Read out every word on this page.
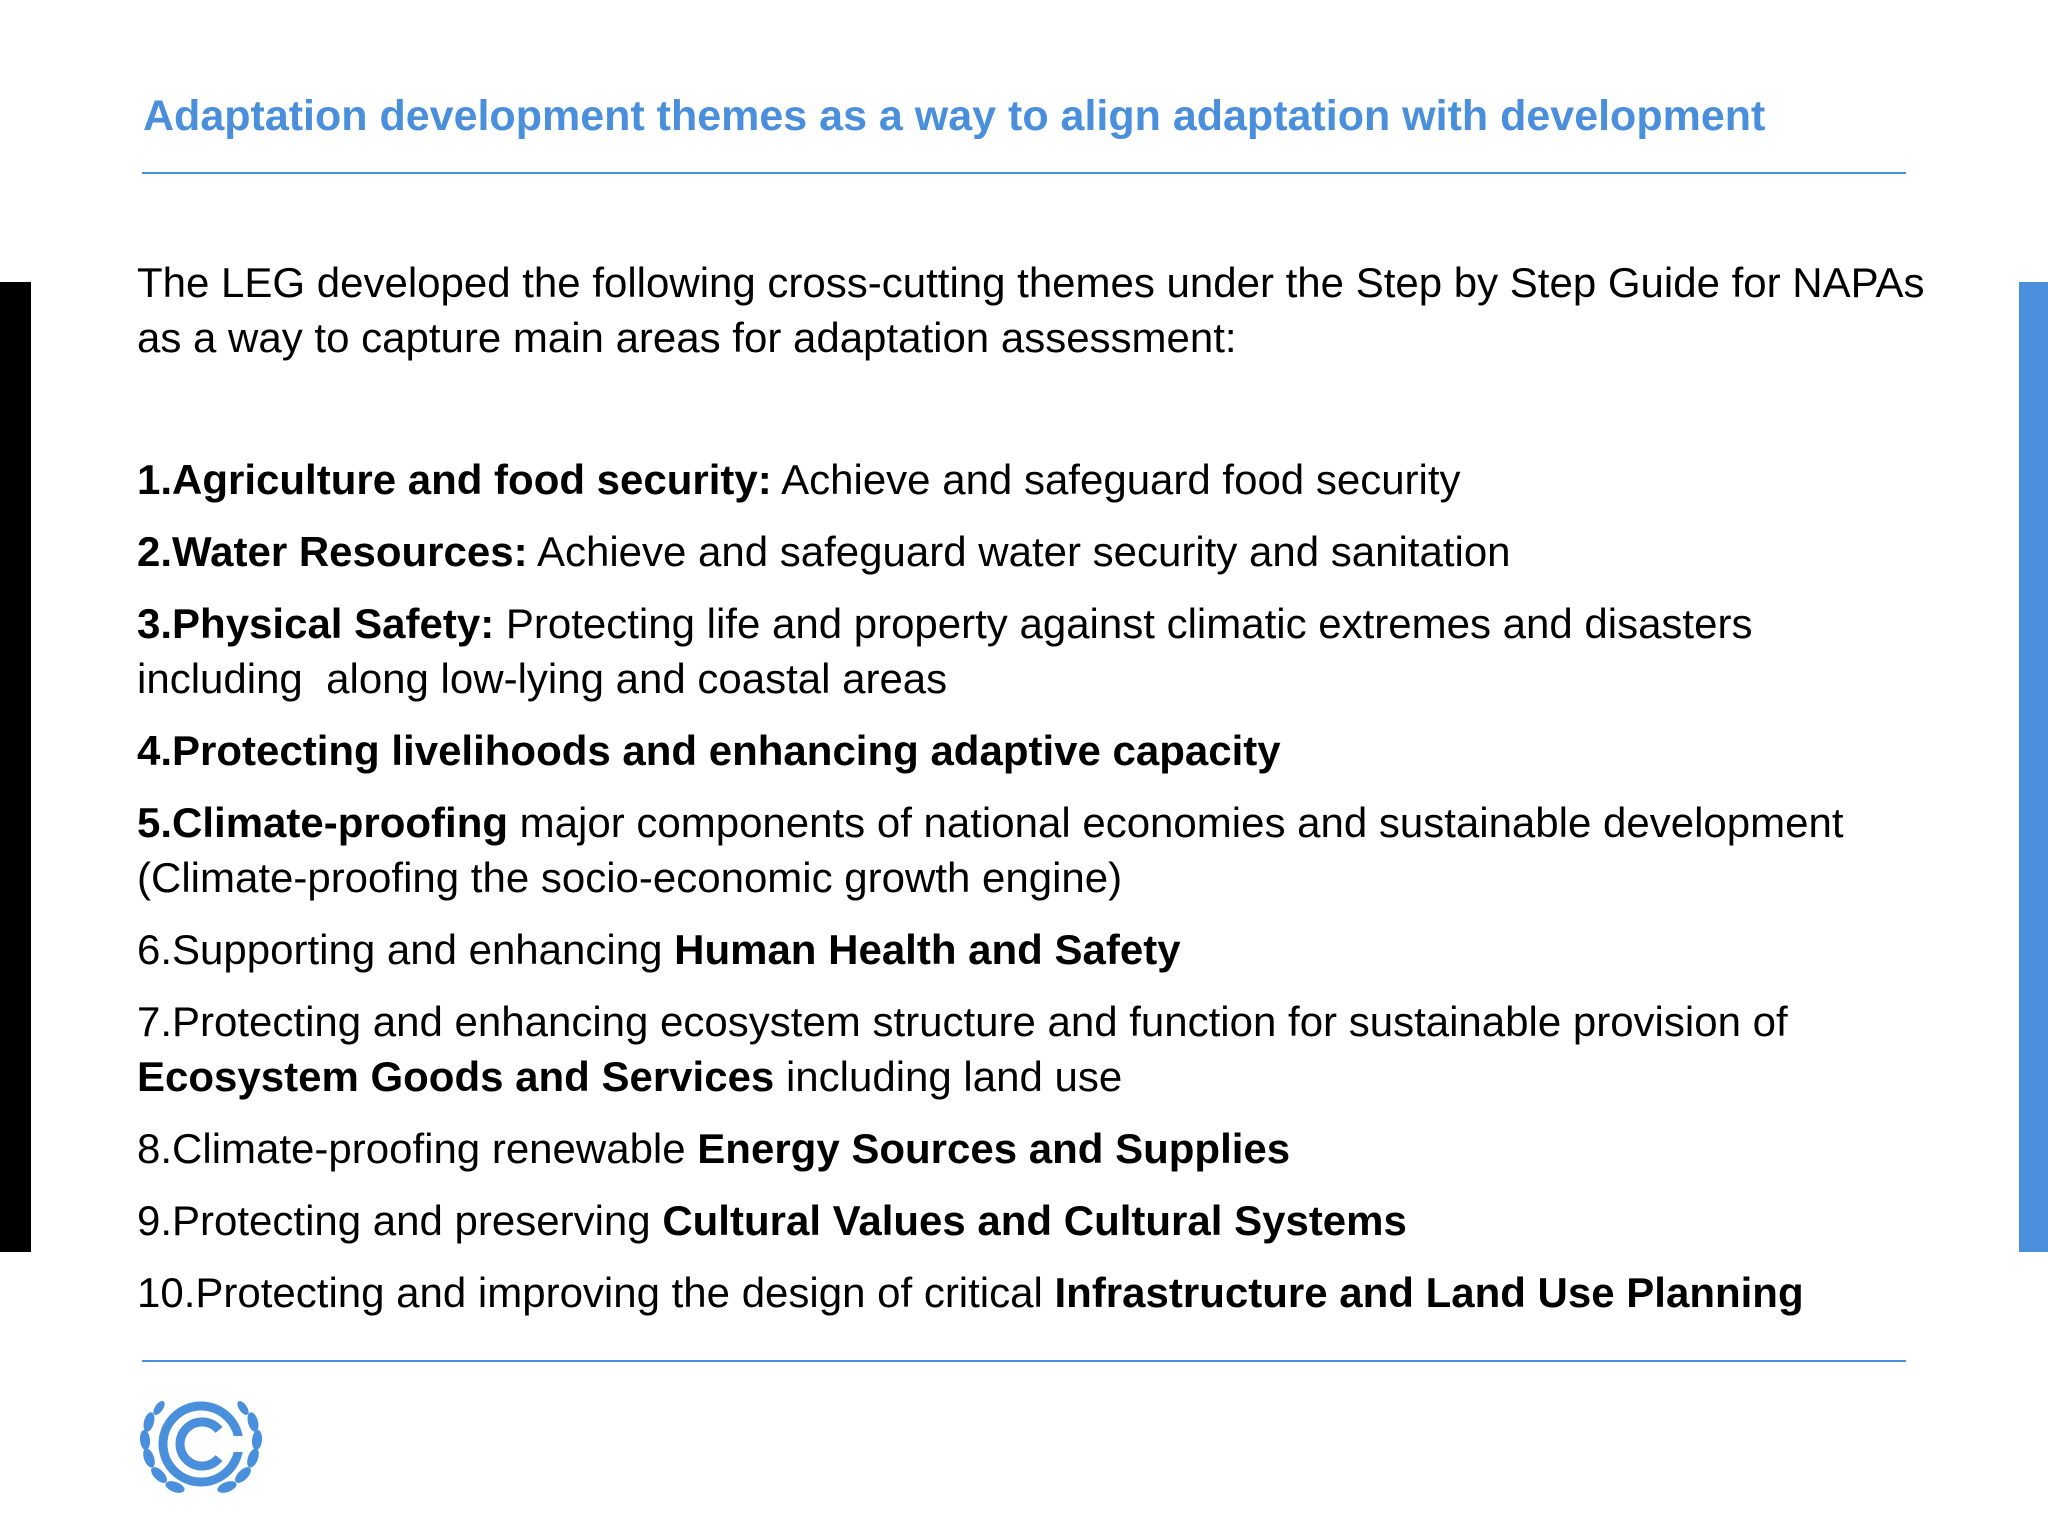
Adaptation development themes as a way to align adaptation with development
The LEG developed the following cross-cutting themes under the Step by Step Guide for NAPAs as a way to capture main areas for adaptation assessment:
1.Agriculture and food security: Achieve and safeguard food security
2.Water Resources: Achieve and safeguard water security and sanitation
3.Physical Safety: Protecting life and property against climatic extremes and disasters
including  along low-lying and coastal areas
4.Protecting livelihoods and enhancing adaptive capacity
5.Climate-proofing major components of national economies and sustainable development
(Climate-proofing the socio-economic growth engine)
6.Supporting and enhancing Human Health and Safety
7.Protecting and enhancing ecosystem structure and function for sustainable provision of
Ecosystem Goods and Services including land use
8.Climate-proofing renewable Energy Sources and Supplies
9.Protecting and preserving Cultural Values and Cultural Systems
10.Protecting and improving the design of critical Infrastructure and Land Use Planning
